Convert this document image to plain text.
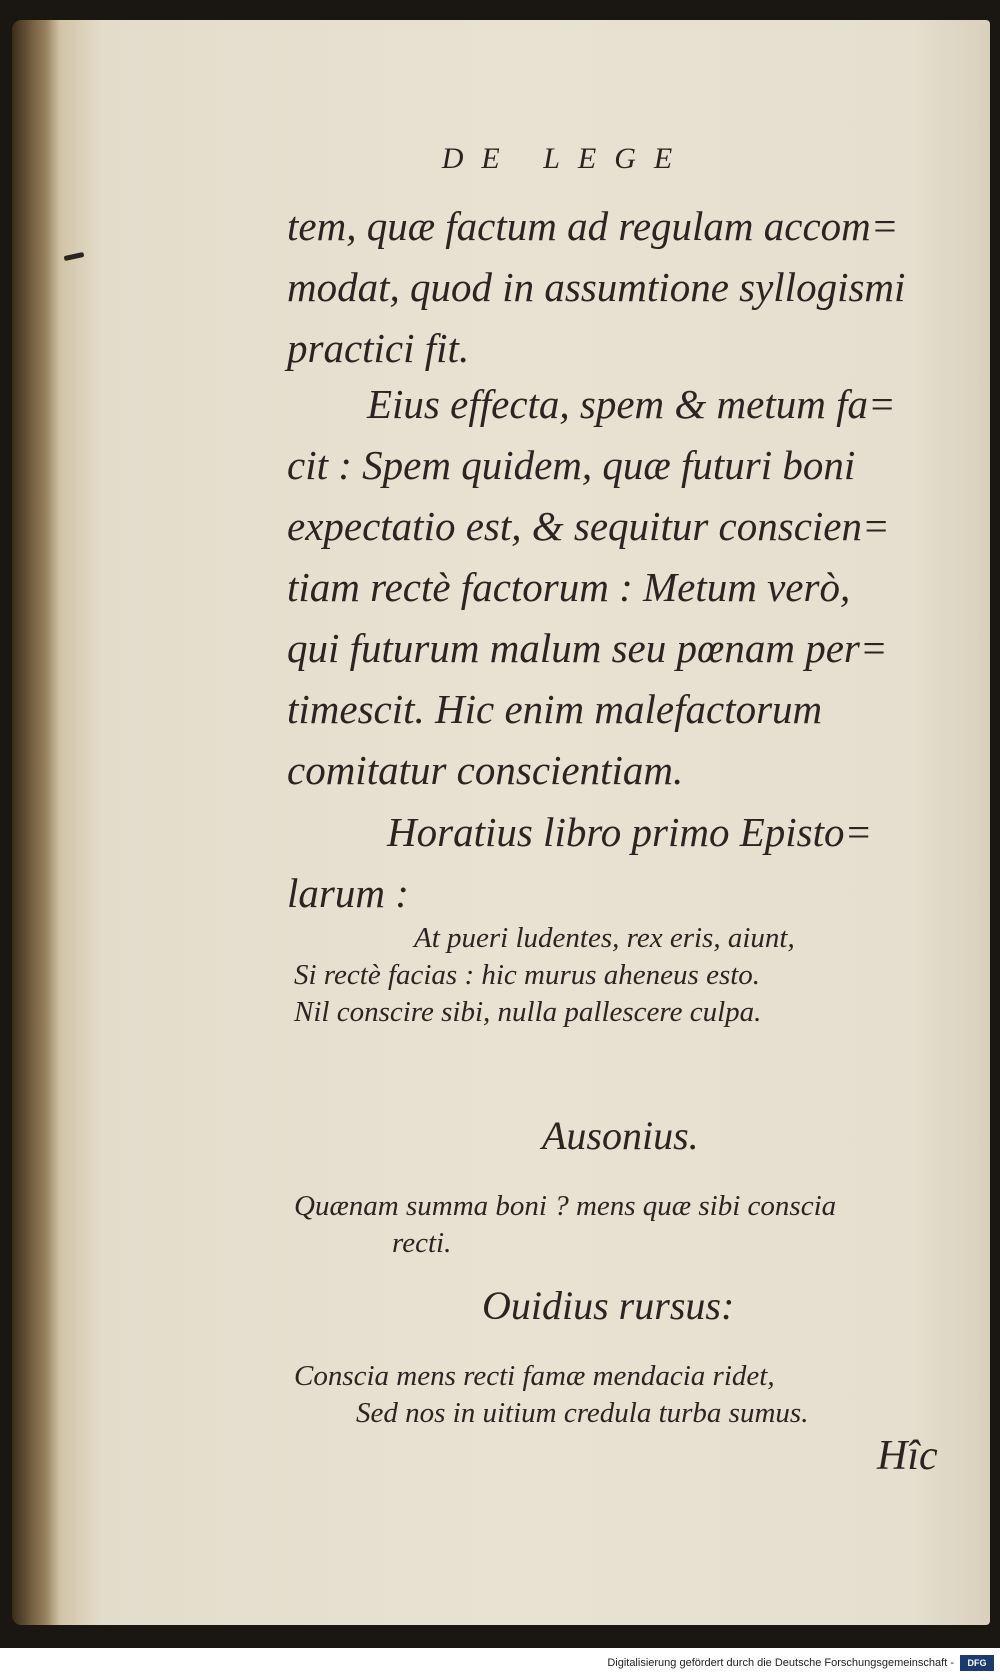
DE LEGE

tem, quæ factum ad regulam accom=
modat, quod in assumtione syllogismi
practici fit.

Eius effecta, spem & metum fa=
cit : Spem quidem, quæ futuri boni
expectatio est, & sequitur conscien=
tiam rectè factorum : Metum verò,
qui futurum malum seu pœnam per=
timescit. Hic enim malefactorum
comitatur conscientiam.

Horatius libro primo Episto=
larum :

At pueri ludentes, rex eris, aiunt,
Si rectè facias : hic murus aheneus esto.
Nil conscire sibi, nulla pallescere culpa.
Ausonius.
Quænam summa boni ? mens quæ sibi conscia
recti.
Ouidius rursus:
Conscia mens recti famæ mendacia ridet,
Sed nos in uitium credula turba sumus.
Hîc
Digitalisierung gefördert durch die Deutsche Forschungsgemeinschaft -	DFG
